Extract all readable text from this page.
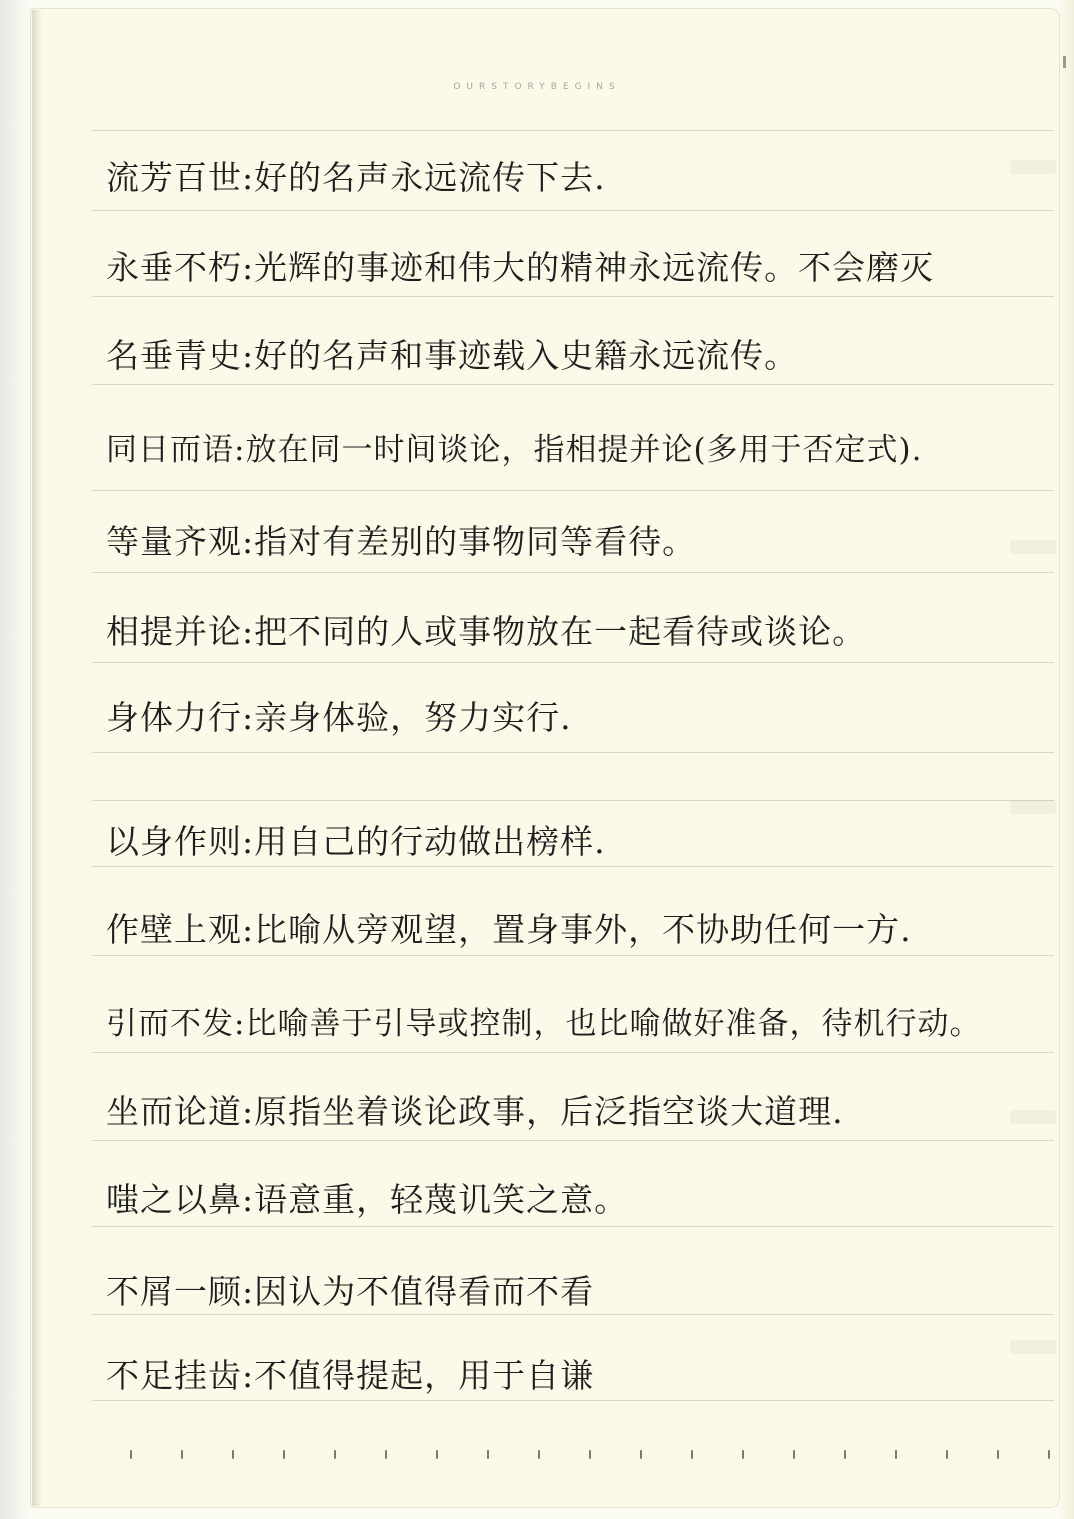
OURSTORYBEGINS
流芳百世:好的名声永远流传下去.
永垂不朽:光辉的事迹和伟大的精神永远流传。不会磨灭
名垂青史:好的名声和事迹载入史籍永远流传。
同日而语:放在同一时间谈论，指相提并论(多用于否定式).
等量齐观:指对有差别的事物同等看待。
相提并论:把不同的人或事物放在一起看待或谈论。
身体力行:亲身体验，努力实行.
以身作则:用自己的行动做出榜样.
作壁上观:比喻从旁观望，置身事外，不协助任何一方.
引而不发:比喻善于引导或控制，也比喻做好准备，待机行动。
坐而论道:原指坐着谈论政事，后泛指空谈大道理.
嗤之以鼻:语意重，轻蔑讥笑之意。
不屑一顾:因认为不值得看而不看
不足挂齿:不值得提起，用于自谦
